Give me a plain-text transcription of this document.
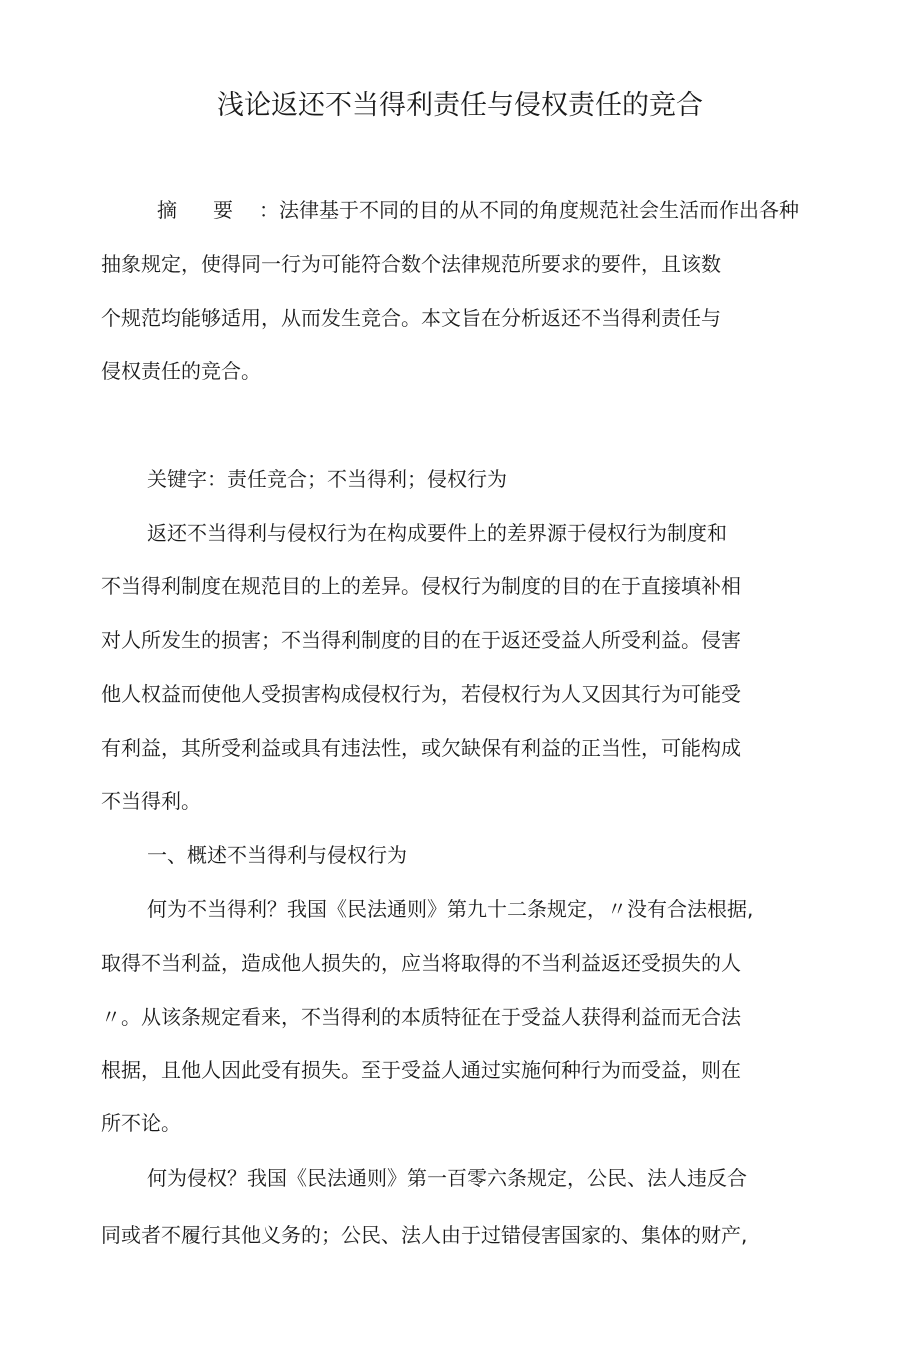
浅论返还不当得利责任与侵权责任的竞合
摘要
：法律基于不同的目的从不同的角度规范社会生活而作出各种

抽象规定，使得同一行为可能符合数个法律规范所要求的要件，且该数

个规范均能够适用，从而发生竞合。本文旨在分析返还不当得利责任与

侵权责任的竞合。

关键字：责任竞合；不当得利；侵权行为

返还不当得利与侵权行为在构成要件上的差界源于侵权行为制度和

不当得利制度在规范目的上的差异。侵权行为制度的目的在于直接填补相

对人所发生的损害；不当得利制度的目的在于返还受益人所受利益。侵害

他人权益而使他人受损害构成侵权行为，若侵权行为人又因其行为可能受

有利益，其所受利益或具有违法性，或欠缺保有利益的正当性，可能构成

不当得利。

一、概述不当得利与侵权行为

何为不当得利？我国《民法通则》第九十二条规定，〃没有合法根据,

取得不当利益，造成他人损失的，应当将取得的不当利益返还受损失的人

〃。从该条规定看来，不当得利的本质特征在于受益人获得利益而无合法

根据，且他人因此受有损失。至于受益人通过实施何种行为而受益，则在

所不论。

何为侵权？我国《民法通则》第一百零六条规定，公民、法人违反合

同或者不履行其他义务的；公民、法人由于过错侵害国家的、集体的财产,
